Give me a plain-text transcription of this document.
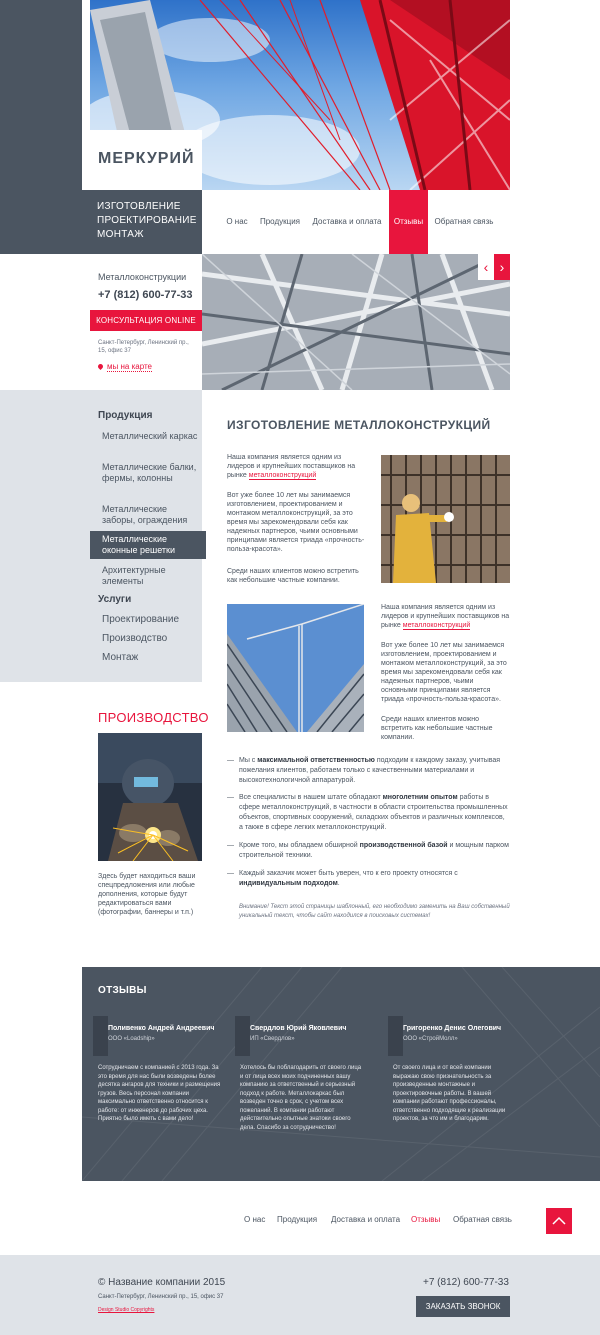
МЕРКУРИЙ
ИЗГОТОВЛЕНИЕ
ПРОЕКТИРОВАНИЕ
МОНТАЖ
О нас	Продукция	Доставка и оплата	Отзывы	Обратная связь
Металлоконструкции
+7 (812) 600-77-33
КОНСУЛЬТАЦИЯ ONLINE
Санкт-Петербург, Ленинский пр., 15, офис 37
мы на карте
‹ ›
Продукция
Металлический каркас
Металлические балки, фермы, колонны
Металлические заборы, ограждения
Металлические оконные решетки
Архитектурные элементы
Услуги
Проектирование
Производство
Монтаж
ПРОИЗВОДСТВО
Здесь будет находиться ваши спецпредложения или любые дополнения, которые будут редактироваться вами (фотографии, баннеры и т.п.)
ИЗГОТОВЛЕНИЕ МЕТАЛЛОКОНСТРУКЦИЙ
Наша компания является одним из лидеров и крупнейших поставщиков на рынке металлоконструкций
Вот уже более 10 лет мы занимаемся изготовлением, проектированием и монтажом металлоконструкций, за это время мы зарекомендовали себя как надежных партнеров, чьими основными принципами является триада «прочность-польза-красота».
Среди наших клиентов можно встретить как небольшие частные компании.
Наша компания является одним из лидеров и крупнейших поставщиков на рынке металлоконструкций
Вот уже более 10 лет мы занимаемся изготовлением, проектированием и монтажом металлоконструкций, за это время мы зарекомендовали себя как надежных партнеров, чьими основными принципами является триада «прочность-польза-красота».
Среди наших клиентов можно встретить как небольшие частные компании.
— Мы с максимальной ответственностью подходим к каждому заказу, учитывая пожелания клиентов, работаем только с качественными материалами и высокотехнологичной аппаратурой.
— Все специалисты в нашем штате обладают многолетним опытом работы в сфере металлоконструкций, в частности в области строительства промышленных объектов, спортивных сооружений, складских объектов и различных комплексов, а также в сфере легких металлоконструкций.
— Кроме того, мы обладаем обширной производственной базой и мощным парком строительной техники.
— Каждый заказчик может быть уверен, что к его проекту относятся с индивидуальным подходом.
Внимание! Текст этой страницы шаблонный, его необходимо заменить на Ваш собственный уникальный текст, чтобы сайт находился в поисковых системах!
ОТЗЫВЫ
Поливенко Андрей Андреевич
ООО «Loadship»
Сотрудничаем с компанией с 2013 года. За это время для нас были возведены более десятка ангаров для техники и размещения грузов. Весь персонал компании максимально ответственно относится к работе: от инженеров до рабочих цеха. Приятно было иметь с вами дело!
Свердлов Юрий Яковлевич
ИП «Свердлов»
Хотелось бы поблагодарить от своего лица и от лица всех моих подчиненных вашу компанию за ответственный и серьезный подход к работе. Металлокаркас был возведен точно в срок, с учетом всех пожеланий. В компании работают действительно опытные знатоки своего дела. Спасибо за сотрудничество!
Григоренко Денис Олегович
ООО «СтройМолл»
От своего лица и от всей компании выражаю свою признательность за произведенные монтажные и проектировочные работы. В вашей компании работают профессионалы, ответственно подходящие к реализации проектов, за что им и благодарим.
О нас Продукция Доставка и оплата Отзывы Обратная связь
© Название компании 2015
Санкт-Петербург, Ленинский пр., 15, офис 37
Design Studio Copyrights
+7 (812) 600-77-33
ЗАКАЗАТЬ ЗВОНОК
